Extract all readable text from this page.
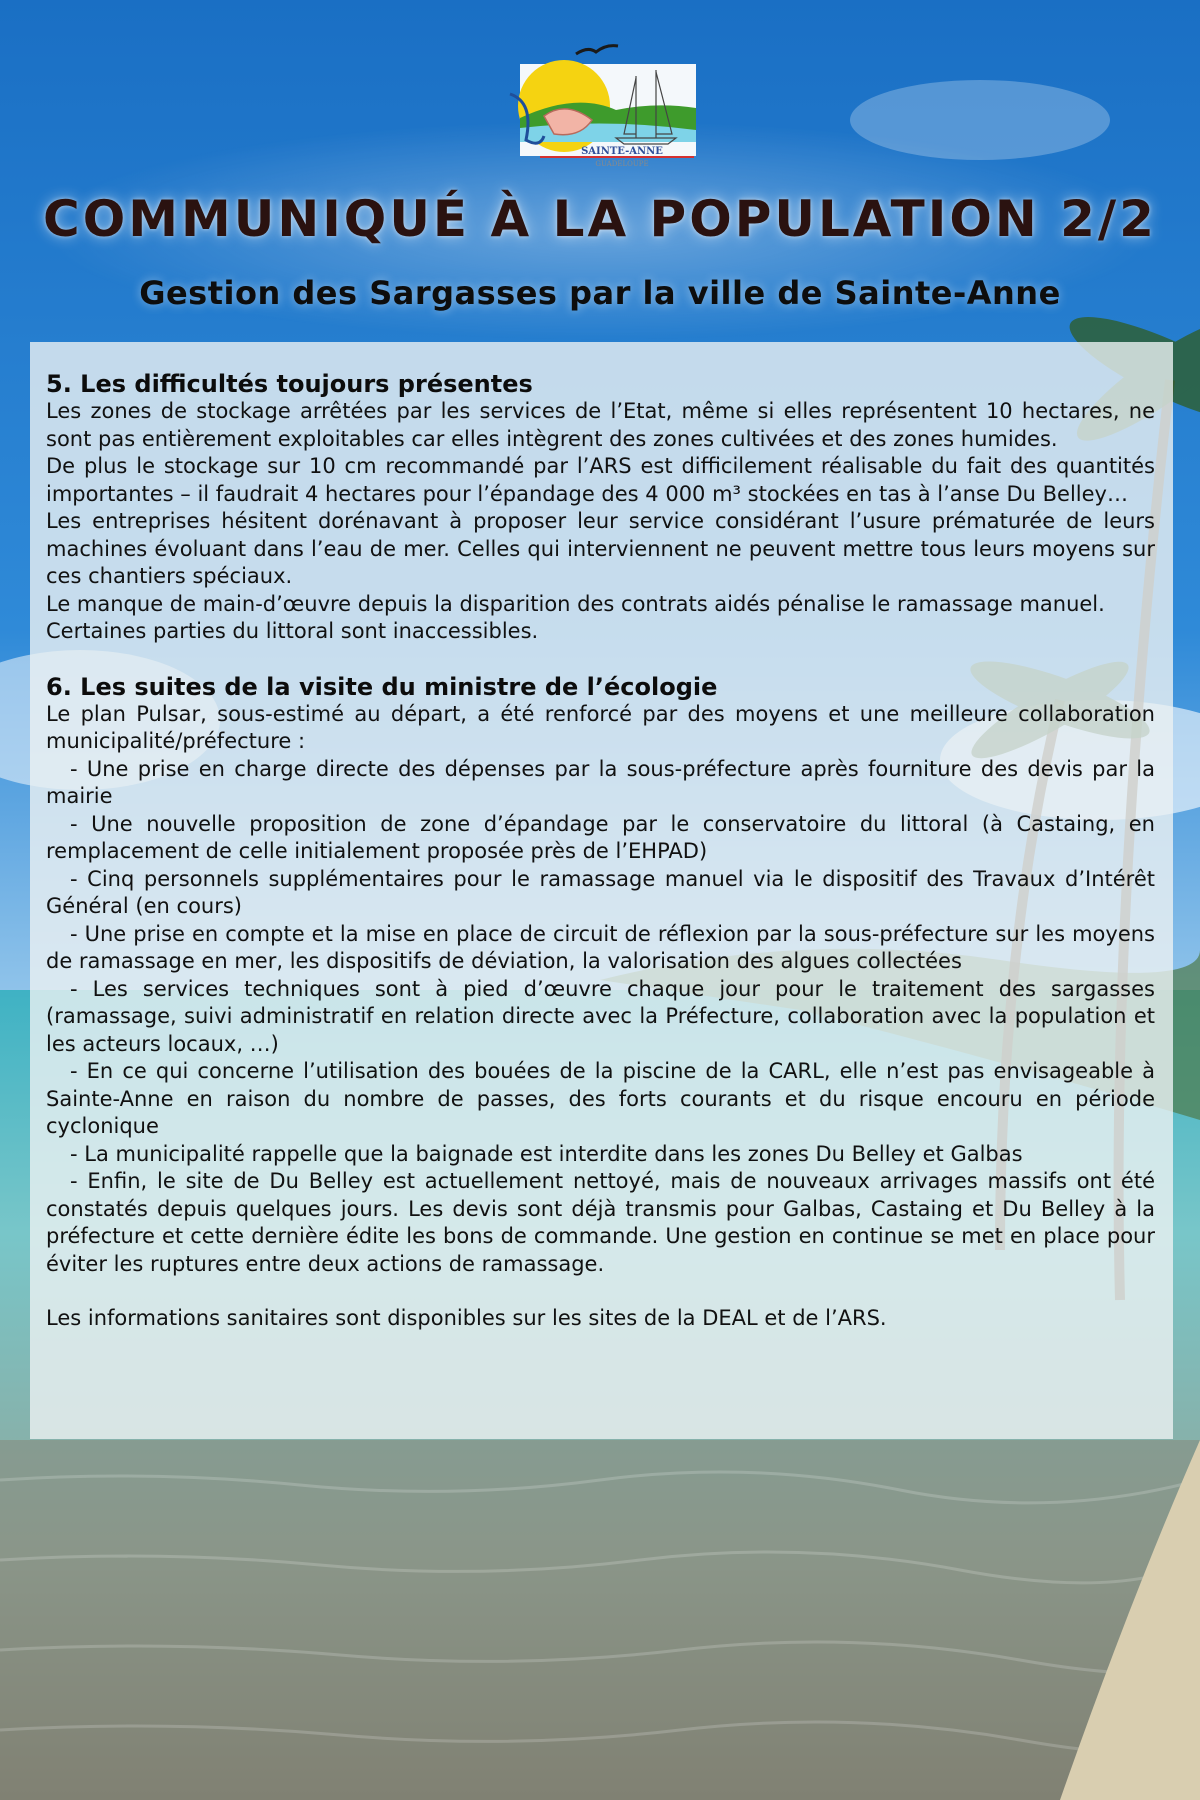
SAINTE-ANNE
GUADELOUPE
COMMUNIQUÉ À LA POPULATION 2/2
Gestion des Sargasses par la ville de Sainte-Anne
5. Les difficultés toujours présentes

Les zones de stockage arrêtées par les services de l’Etat, même si elles représentent 10 hectares, ne sont pas entièrement exploitables car elles intègrent des zones cultivées et des zones humides.

De plus le stockage sur 10 cm recommandé par l’ARS est difficilement réalisable du fait des quantités importantes – il faudrait 4 hectares pour l’épandage des 4 000 m³ stockées en tas à l’anse Du Belley…

Les entreprises hésitent dorénavant à proposer leur service considérant l’usure prématurée de leurs machines évoluant dans l’eau de mer. Celles qui interviennent ne peuvent mettre tous leurs moyens sur ces chantiers spéciaux.

Le manque de main-d’œuvre depuis la disparition des contrats aidés pénalise le ramassage manuel.

Certaines parties du littoral sont inaccessibles.

6. Les suites de la visite du ministre de l’écologie

Le plan Pulsar, sous-estimé au départ, a été renforcé par des moyens et une meilleure collaboration municipalité/préfecture :

- Une prise en charge directe des dépenses par la sous-préfecture après fourniture des devis par la mairie

- Une nouvelle proposition de zone d’épandage par le conservatoire du littoral (à Castaing, en remplacement de celle initialement proposée près de l’EHPAD)

- Cinq personnels supplémentaires pour le ramassage manuel via le dispositif des Travaux d’Intérêt Général (en cours)

- Une prise en compte et la mise en place de circuit de réflexion par la sous-préfecture sur les moyens de ramassage en mer, les dispositifs de déviation, la valorisation des algues collectées

- Les services techniques sont à pied d’œuvre chaque jour pour le traitement des sargasses (ramassage, suivi administratif en relation directe avec la Préfecture, collaboration avec la population et les acteurs locaux, …)

- En ce qui concerne l’utilisation des bouées de la piscine de la CARL, elle n’est pas envisageable à Sainte-Anne en raison du nombre de passes, des forts courants et du risque encouru en période cyclonique

- La municipalité rappelle que la baignade est interdite dans les zones Du Belley et Galbas

- Enfin, le site de Du Belley est actuellement nettoyé, mais de nouveaux arrivages massifs ont été constatés depuis quelques jours. Les devis sont déjà transmis pour Galbas, Castaing et Du Belley à la préfecture et cette dernière édite les bons de commande. Une gestion en continue se met en place pour éviter les ruptures entre deux actions de ramassage.

Les informations sanitaires sont disponibles sur les sites de la DEAL et de l’ARS.
